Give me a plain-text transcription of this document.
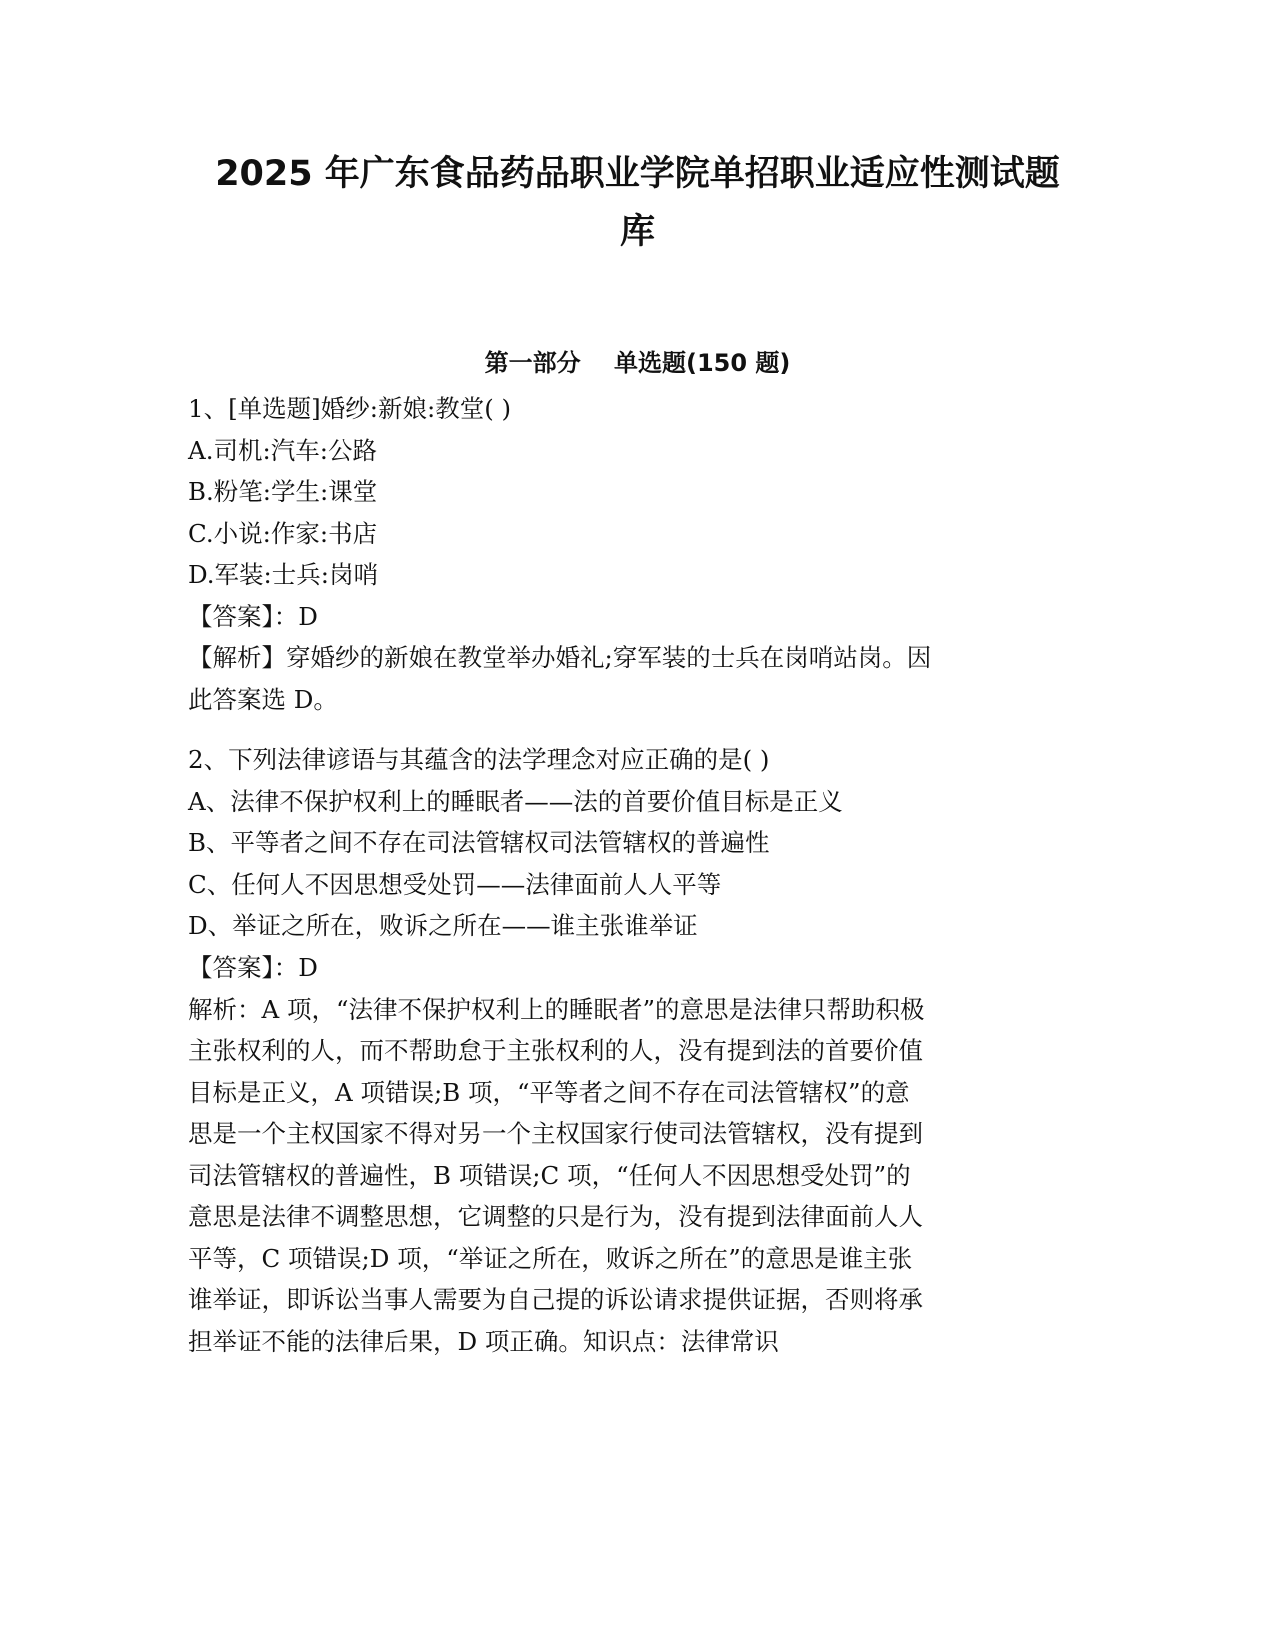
2025 年广东食品药品职业学院单招职业适应性测试题
库
第一部分    单选题(150 题)
1、[单选题]婚纱:新娘:教堂( )
A.司机:汽车:公路
B.粉笔:学生:课堂
C.小说:作家:书店
D.军装:士兵:岗哨
【答案】：D
【解析】穿婚纱的新娘在教堂举办婚礼;穿军装的士兵在岗哨站岗。因
此答案选 D。
2、下列法律谚语与其蕴含的法学理念对应正确的是( )
A、法律不保护权利上的睡眠者——法的首要价值目标是正义
B、平等者之间不存在司法管辖权司法管辖权的普遍性
C、任何人不因思想受处罚——法律面前人人平等
D、举证之所在，败诉之所在——谁主张谁举证
【答案】：D
解析：A 项，“法律不保护权利上的睡眠者”的意思是法律只帮助积极
主张权利的人，而不帮助怠于主张权利的人，没有提到法的首要价值
目标是正义，A 项错误;B 项，“平等者之间不存在司法管辖权”的意
思是一个主权国家不得对另一个主权国家行使司法管辖权，没有提到
司法管辖权的普遍性，B 项错误;C 项，“任何人不因思想受处罚”的
意思是法律不调整思想，它调整的只是行为，没有提到法律面前人人
平等，C 项错误;D 项，“举证之所在，败诉之所在”的意思是谁主张
谁举证，即诉讼当事人需要为自己提的诉讼请求提供证据，否则将承
担举证不能的法律后果，D 项正确。知识点：法律常识
